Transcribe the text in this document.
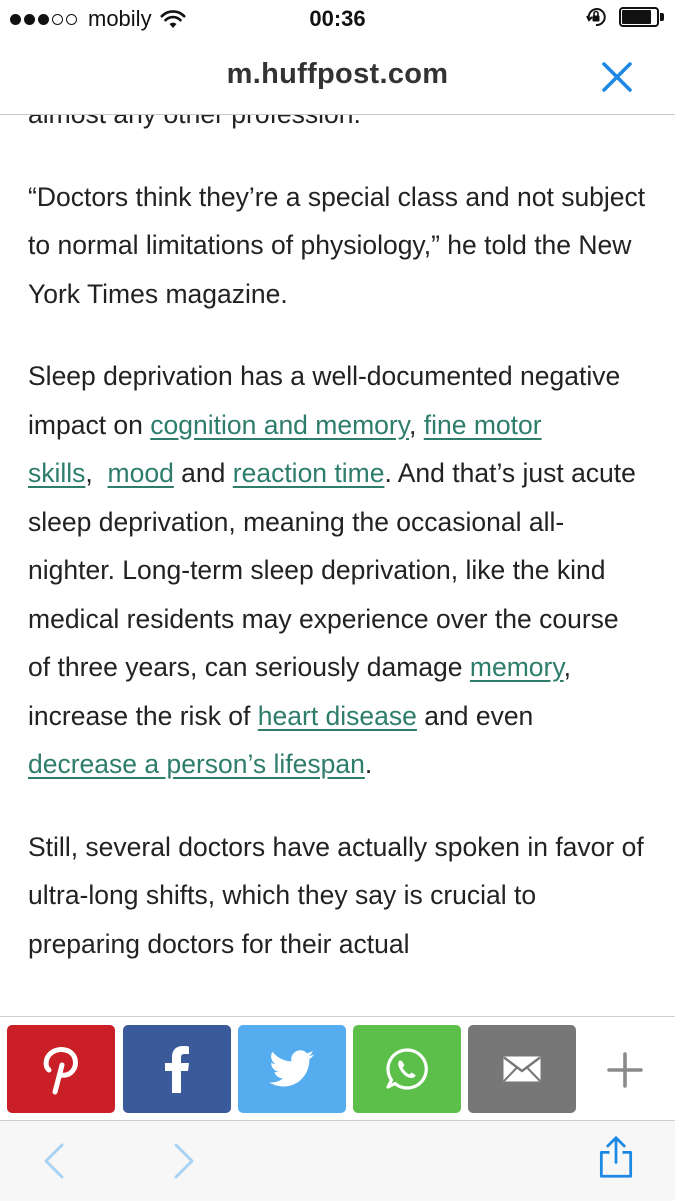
mobily	00:36
m.huffpost.com

“Doctors think they’re a special class and not subject to normal limitations of physiology,” he told the New York Times magazine.

Sleep deprivation has a well-documented negative impact on cognition and memory, fine motor skills,  mood and reaction time. And that’s just acute sleep deprivation, meaning the occasional all-nighter. Long-term sleep deprivation, like the kind medical residents may experience over the course of three years, can seriously damage memory, increase the risk of heart disease and even decrease a person’s lifespan.

Still, several doctors have actually spoken in favor of ultra-long shifts, which they say is crucial to preparing doctors for their actual
